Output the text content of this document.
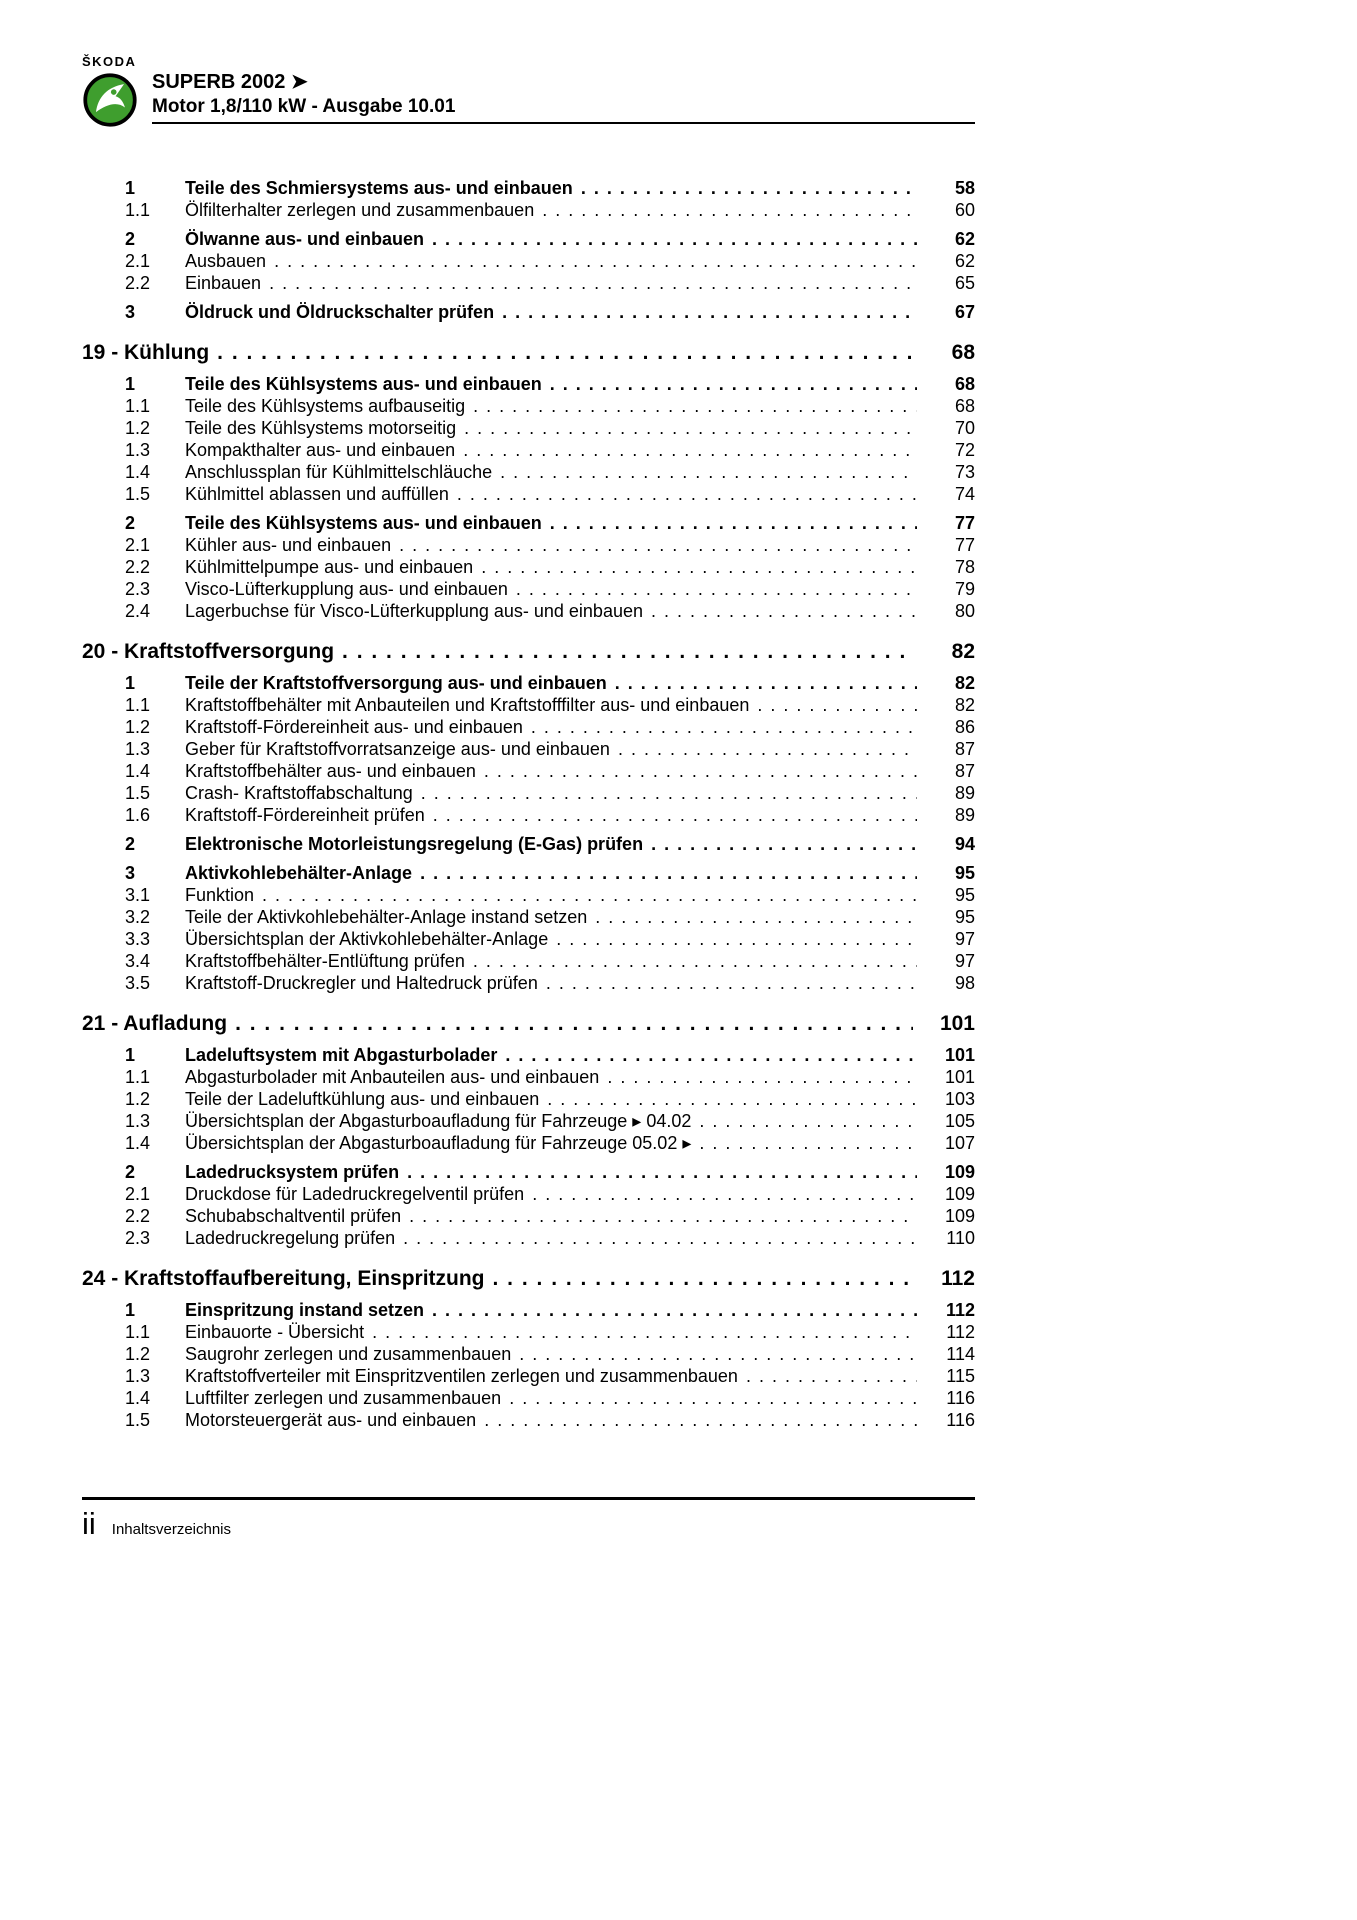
ŠKODA
SUPERB 2002 ➤
Motor 1,8/110 kW - Ausgabe 10.01
1	Teile des Schmiersystems aus- und einbauen . . .	58
1.1	Ölfilterhalter zerlegen und zusammenbauen . . .	60
2	Ölwanne aus- und einbauen . . .	62
2.1	Ausbauen . . .	62
2.2	Einbauen . . .	65
3	Öldruck und Öldruckschalter prüfen . . .	67
19 - Kühlung . . .	68
1	Teile des Kühlsystems aus- und einbauen . . .	68
1.1	Teile des Kühlsystems aufbauseitig . . .	68
1.2	Teile des Kühlsystems motorseitig . . .	70
1.3	Kompakthalter aus- und einbauen . . .	72
1.4	Anschlussplan für Kühlmittelschläuche . . .	73
1.5	Kühlmittel ablassen und auffüllen . . .	74
2	Teile des Kühlsystems aus- und einbauen . . .	77
2.1	Kühler aus- und einbauen . . .	77
2.2	Kühlmittelpumpe aus- und einbauen . . .	78
2.3	Visco-Lüfterkupplung aus- und einbauen . . .	79
2.4	Lagerbuchse für Visco-Lüfterkupplung aus- und einbauen . . .	80
20 - Kraftstoffversorgung . . .	82
1	Teile der Kraftstoffversorgung aus- und einbauen . . .	82
1.1	Kraftstoffbehälter mit Anbauteilen und Kraftstofffilter aus- und einbauen . . .	82
1.2	Kraftstoff-Fördereinheit aus- und einbauen . . .	86
1.3	Geber für Kraftstoffvorratsanzeige aus- und einbauen . . .	87
1.4	Kraftstoffbehälter aus- und einbauen . . .	87
1.5	Crash- Kraftstoffabschaltung . . .	89
1.6	Kraftstoff-Fördereinheit prüfen . . .	89
2	Elektronische Motorleistungsregelung (E-Gas) prüfen . . .	94
3	Aktivkohlebehälter-Anlage . . .	95
3.1	Funktion . . .	95
3.2	Teile der Aktivkohlebehälter-Anlage instand setzen . . .	95
3.3	Übersichtsplan der Aktivkohlebehälter-Anlage . . .	97
3.4	Kraftstoffbehälter-Entlüftung prüfen . . .	97
3.5	Kraftstoff-Druckregler und Haltedruck prüfen . . .	98
21 - Aufladung . . .	101
1	Ladeluftsystem mit Abgasturbolader . . .	101
1.1	Abgasturbolader mit Anbauteilen aus- und einbauen . . .	101
1.2	Teile der Ladeluftkühlung aus- und einbauen . . .	103
1.3	Übersichtsplan der Abgasturboaufladung für Fahrzeuge ▸ 04.02 . . .	105
1.4	Übersichtsplan der Abgasturboaufladung für Fahrzeuge 05.02 ▸ . . .	107
2	Ladedrucksystem prüfen . . .	109
2.1	Druckdose für Ladedruckregelventil prüfen . . .	109
2.2	Schubabschaltventil prüfen . . .	109
2.3	Ladedruckregelung prüfen . . .	110
24 - Kraftstoffaufbereitung, Einspritzung . . .	112
1	Einspritzung instand setzen . . .	112
1.1	Einbauorte - Übersicht . . .	112
1.2	Saugrohr zerlegen und zusammenbauen . . .	114
1.3	Kraftstoffverteiler mit Einspritzventilen zerlegen und zusammenbauen . . .	115
1.4	Luftfilter zerlegen und zusammenbauen . . .	116
1.5	Motorsteuergerät aus- und einbauen . . .	116
ii Inhaltsverzeichnis
